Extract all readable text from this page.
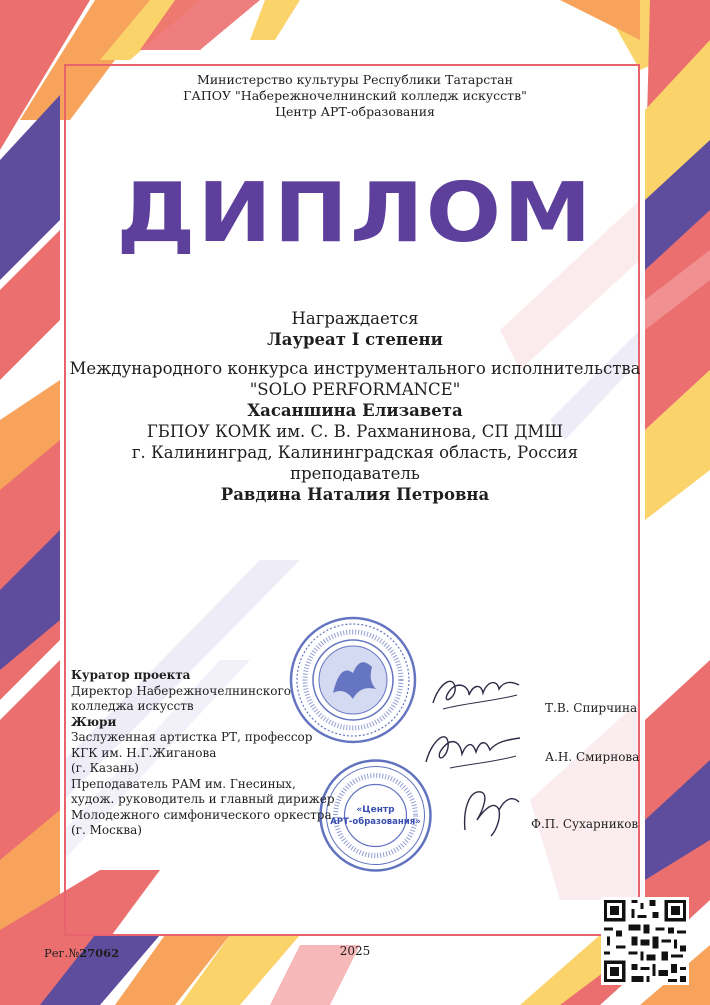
Министерство культуры Республики Татарстан
ГАПОУ "Набережночелнинский колледж искусств"
Центр АРТ-образования
ДИПЛОМ
Награждается
Лауреат I степени
Международного конкурса инструментального исполнительства
"SOLO PERFORMANCE"
Хасаншина Елизавета
ГБПОУ КОМК им. С. В. Рахманинова, СП ДМШ
г. Калининград, Калининградская область, Россия
преподаватель
Равдина Наталия Петровна
«Центр
АРТ-образования»
Куратор проекта
Директор Набережночелнинского
колледжа искусств
Жюри
Заслуженная артистка РТ, профессор
КГК им. Н.Г.Жиганова
(г. Казань)
Преподаватель РАМ им. Гнесиных,
худож. руководитель и главный дирижер
Молодежного симфонического оркестра
(г. Москва)
Т.В. Спирчина
А.Н. Смирнова
Ф.П. Сухарников
Рег.№27062	2025
